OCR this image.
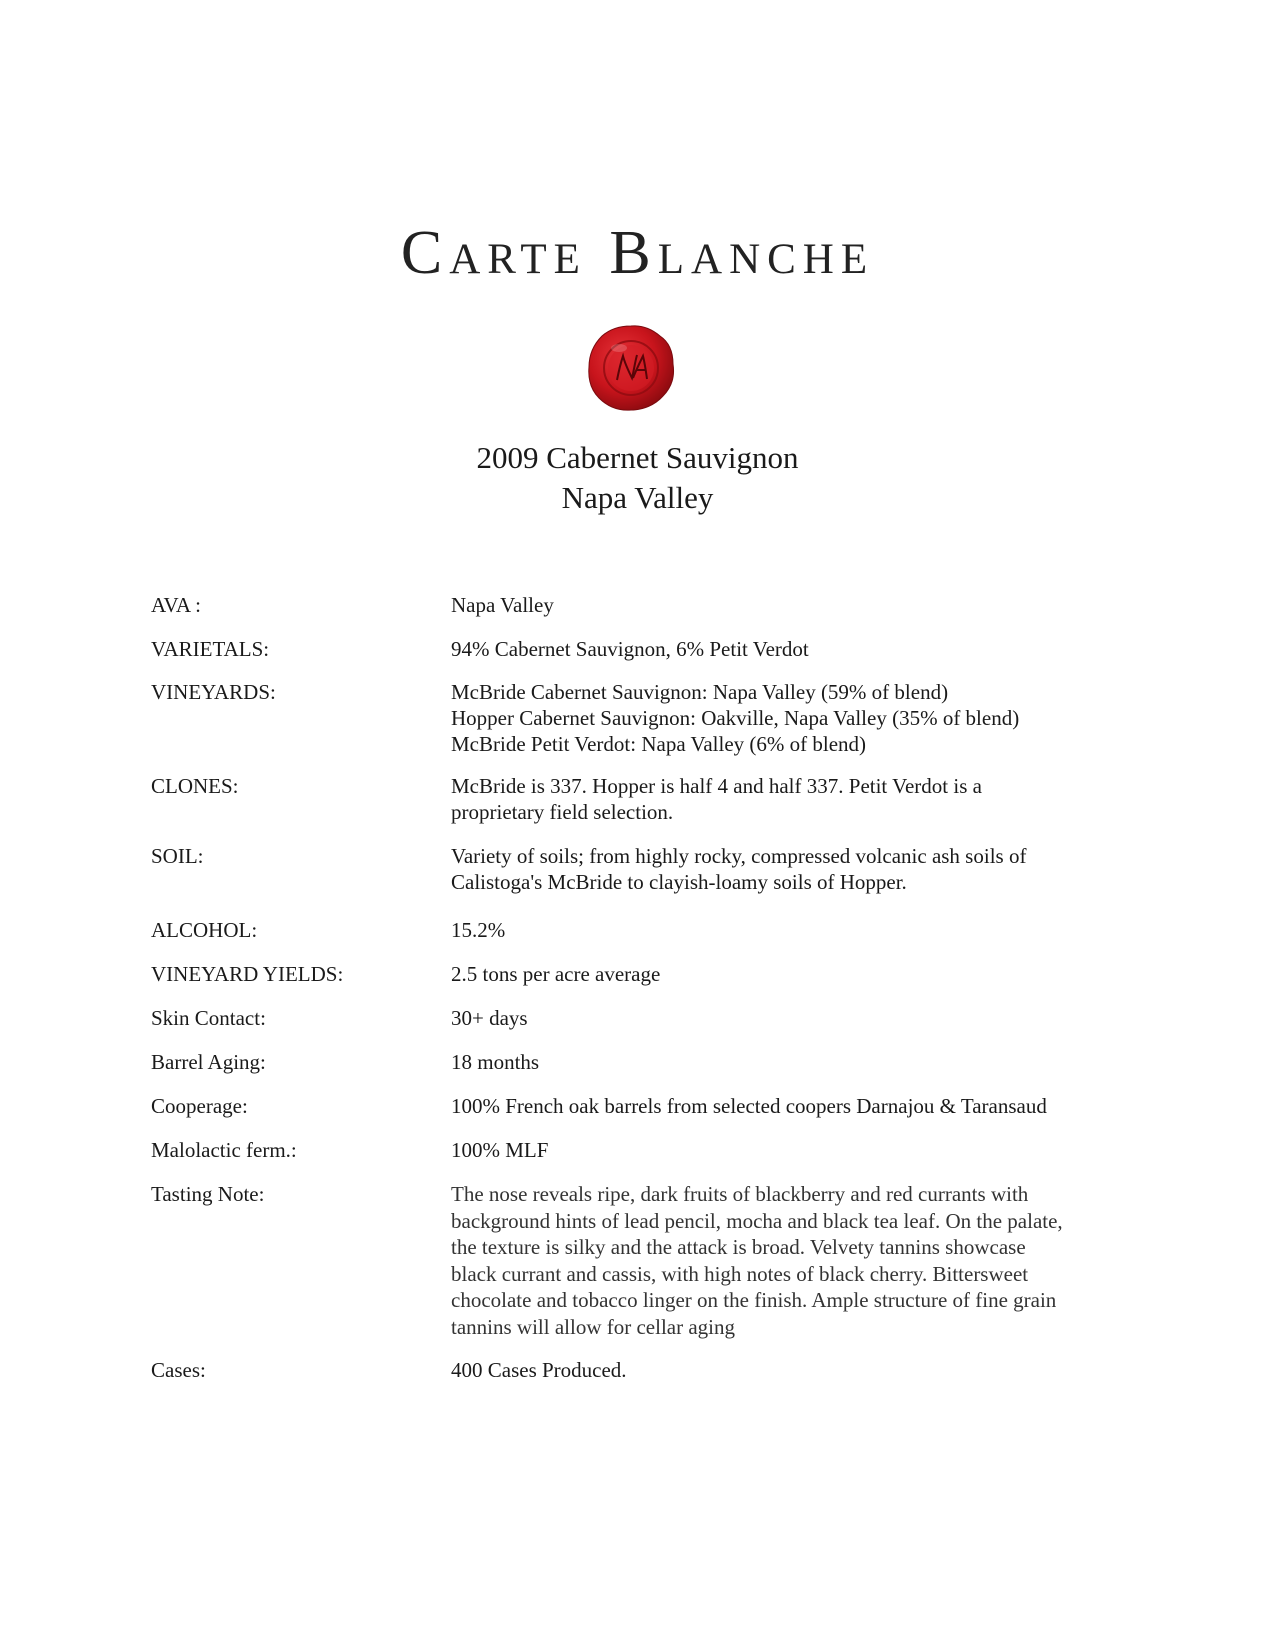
Carte Blanche
2009 Cabernet Sauvignon
Napa Valley
AVA :	Napa Valley
VARIETALS:	94% Cabernet Sauvignon, 6% Petit Verdot
VINEYARDS:	McBride Cabernet Sauvignon: Napa Valley (59% of blend)
Hopper Cabernet Sauvignon: Oakville, Napa Valley (35% of blend)
McBride Petit Verdot: Napa Valley (6% of blend)
CLONES:	McBride is 337. Hopper is half 4 and half 337. Petit Verdot is a
proprietary field selection.
SOIL:	Variety of soils; from highly rocky, compressed volcanic ash soils of
Calistoga's McBride to clayish-loamy soils of Hopper.
ALCOHOL:	15.2%
VINEYARD YIELDS:	2.5 tons per acre average
Skin Contact:	30+ days
Barrel Aging:	18 months
Cooperage:	100% French oak barrels from selected coopers Darnajou & Taransaud
Malolactic ferm.:	100% MLF
Tasting Note:	The nose reveals ripe, dark fruits of blackberry and red currants with
background hints of lead pencil, mocha and black tea leaf. On the palate,
the texture is silky and the attack is broad. Velvety tannins showcase
black currant and cassis, with high notes of black cherry. Bittersweet
chocolate and tobacco linger on the finish. Ample structure of fine grain
tannins will allow for cellar aging
Cases:	400 Cases Produced.
